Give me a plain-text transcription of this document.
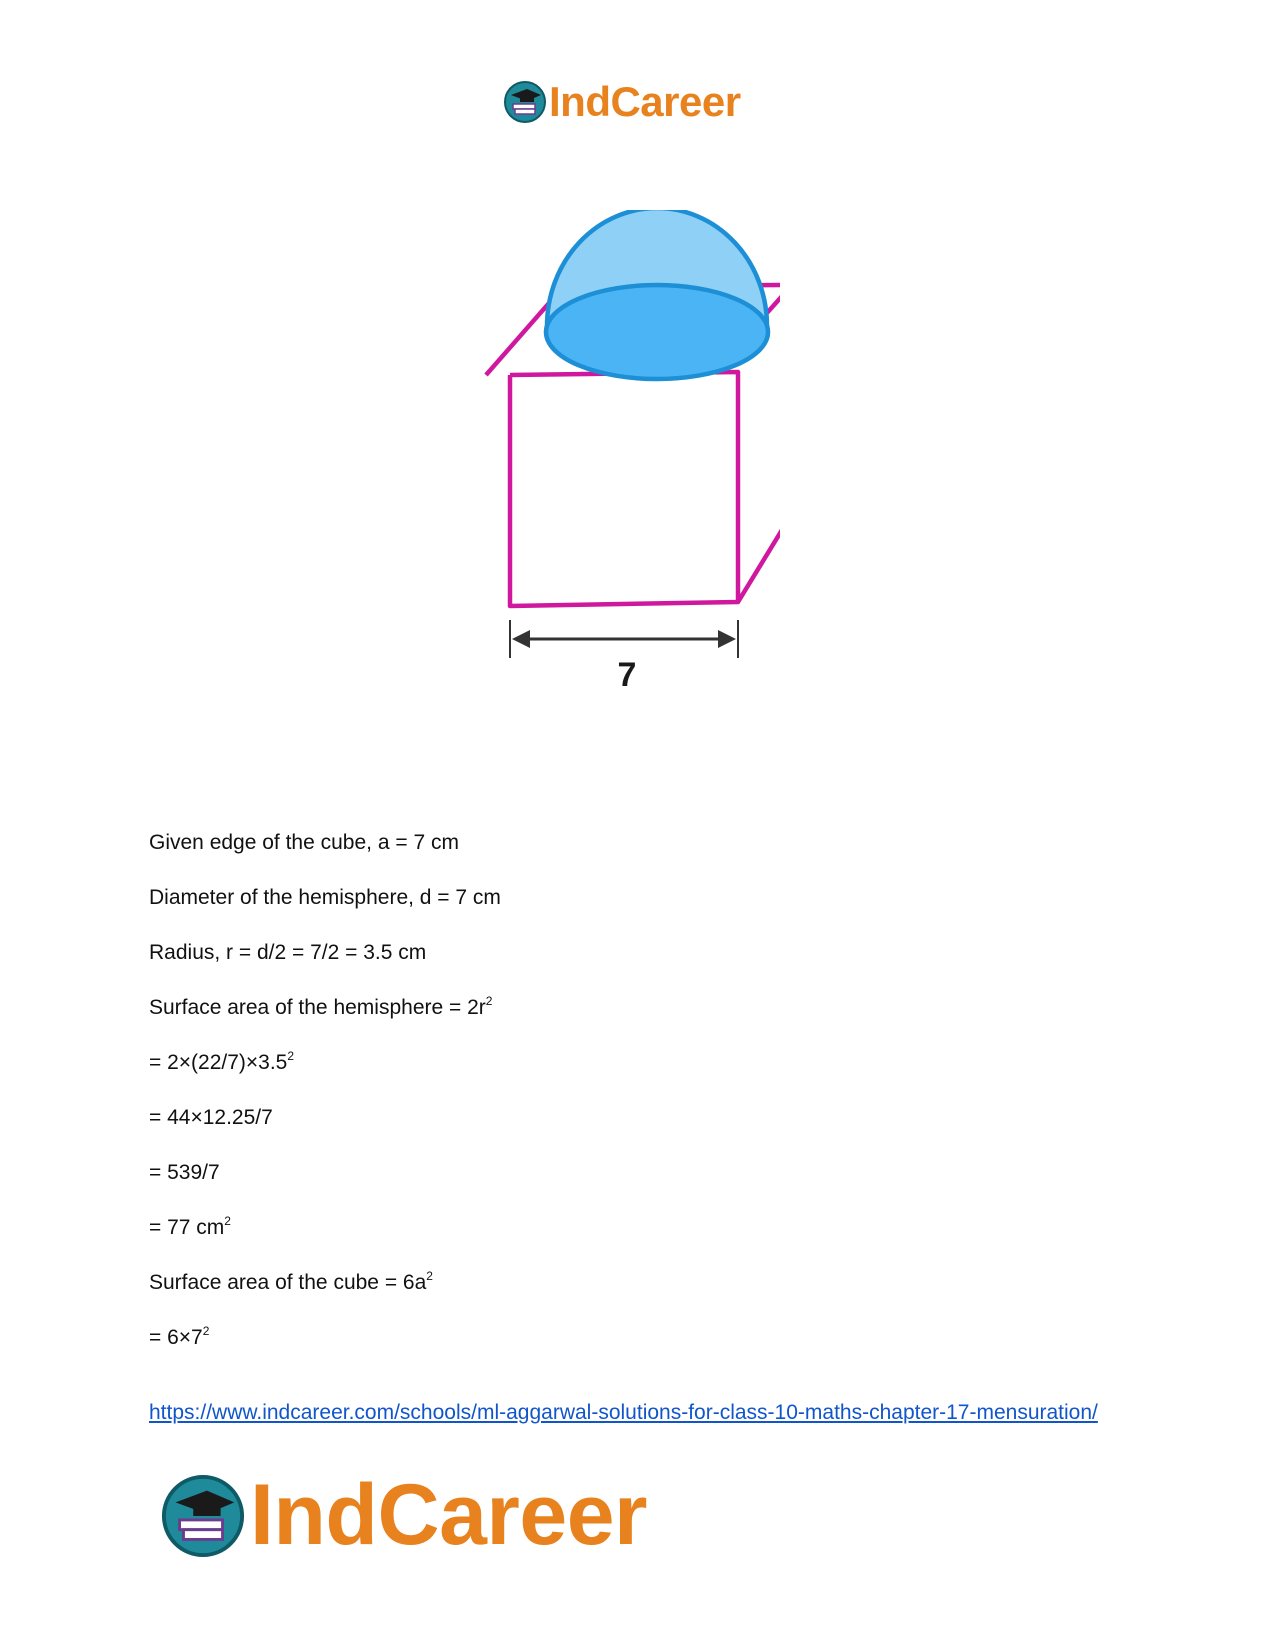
IndCareer
7
Given edge of the cube, a = 7 cm
Diameter of the hemisphere, d = 7 cm
Radius, r = d/2 = 7/2 = 3.5 cm
Surface area of the hemisphere = $2r^2$
= $2\times(22/7)\times 3.5^2$
= 44×12.25/7
= 539/7
= 77 $cm^2$
Surface area of the cube = $6a^2$
= $6\times 7^2$
https://www.indcareer.com/schools/ml-aggarwal-solutions-for-class-10-maths-chapter-17-mensuration/
IndCareer
